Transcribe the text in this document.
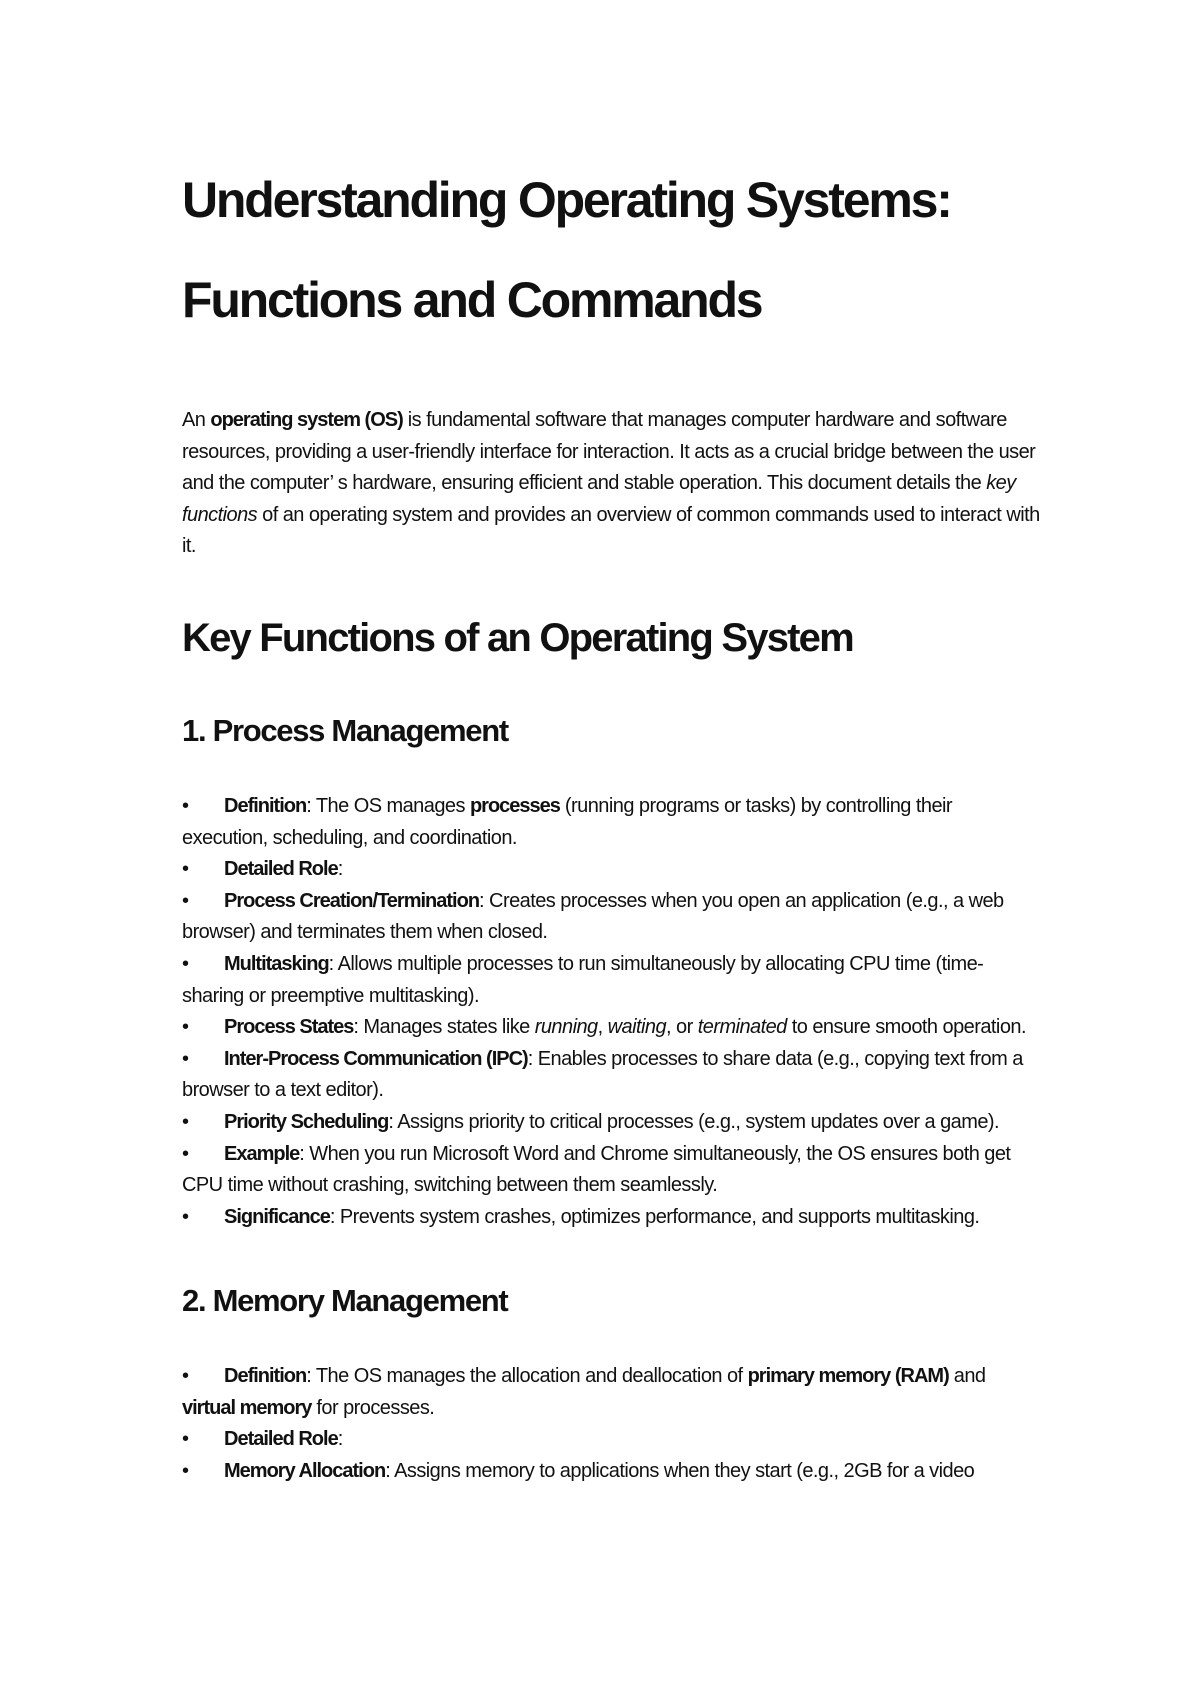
Understanding Operating Systems:
Functions and Commands

An operating system (OS) is fundamental software that manages computer hardware and software resources, providing a user-friendly interface for interaction. It acts as a crucial bridge between the user and the computer’ s hardware, ensuring efficient and stable operation. This document details the key functions of an operating system and provides an overview of common commands used to interact with it.

Key Functions of an Operating System
1. Process Management
• Definition: The OS manages processes (running programs or tasks) by controlling their execution, scheduling, and coordination.
• Detailed Role:
• Process Creation/Termination: Creates processes when you open an application (e.g., a web browser) and terminates them when closed.
• Multitasking: Allows multiple processes to run simultaneously by allocating CPU time (time-sharing or preemptive multitasking).
• Process States: Manages states like running, waiting, or terminated to ensure smooth operation.
• Inter-Process Communication (IPC): Enables processes to share data (e.g., copying text from a browser to a text editor).
• Priority Scheduling: Assigns priority to critical processes (e.g., system updates over a game).
• Example: When you run Microsoft Word and Chrome simultaneously, the OS ensures both get CPU time without crashing, switching between them seamlessly.
• Significance: Prevents system crashes, optimizes performance, and supports multitasking.
2. Memory Management
• Definition: The OS manages the allocation and deallocation of primary memory (RAM) and virtual memory for processes.
• Detailed Role:
• Memory Allocation: Assigns memory to applications when they start (e.g., 2GB for a video
